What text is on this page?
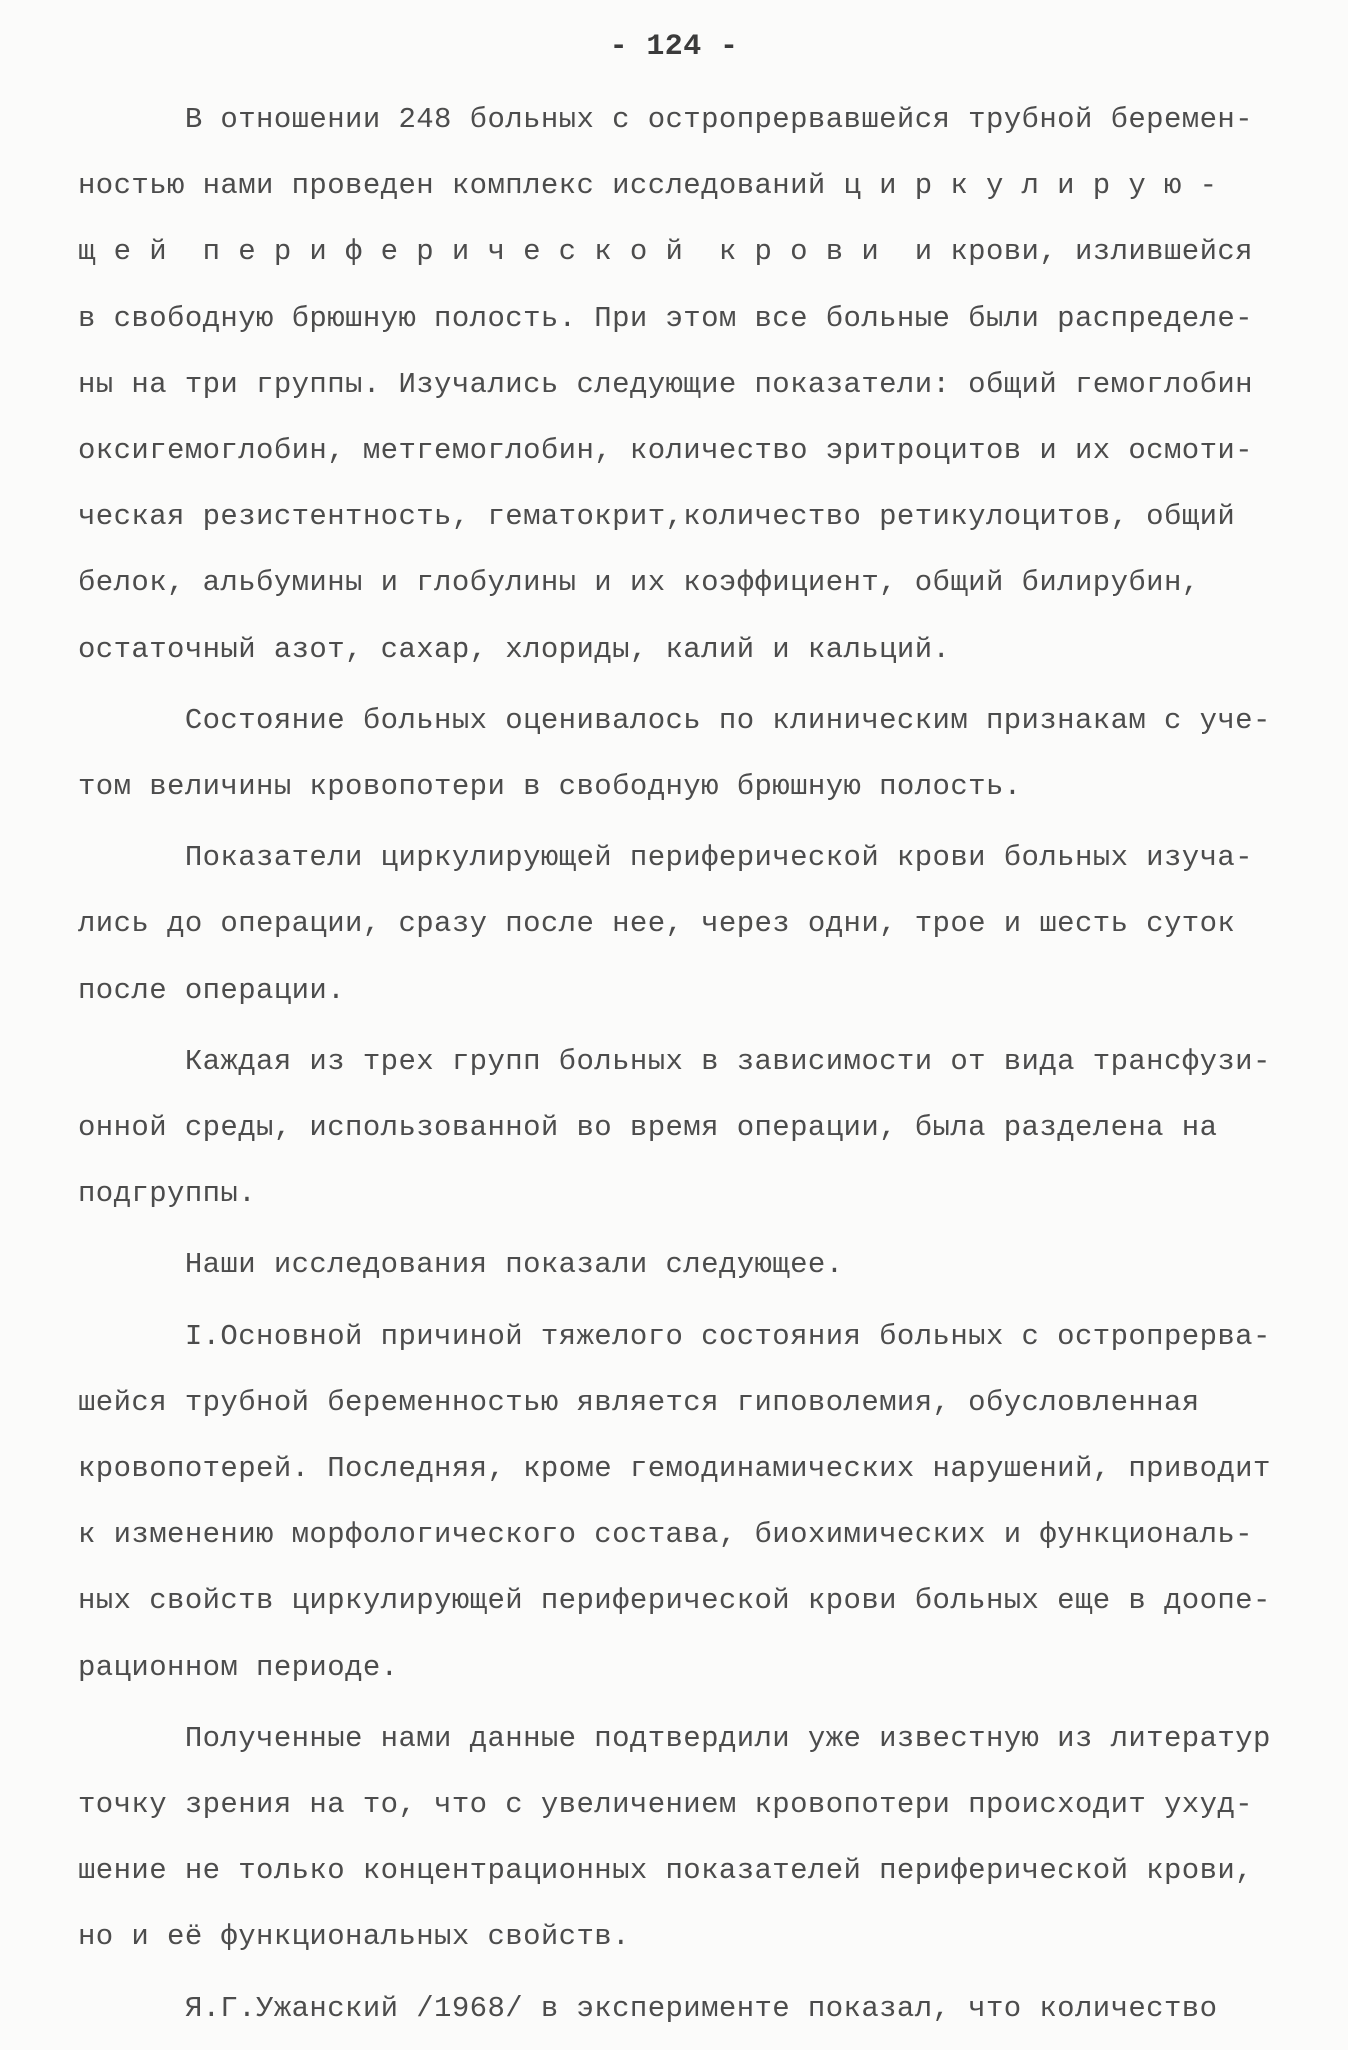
- 124 -
В отношении 248 больных с остропрервавшейся трубной беремен-
ностью нами проведен комплекс исследований ц и р к у л и р у ю -
щ е й  п е р и ф е р и ч е с к о й  к р о в и  и крови, излившейся
в свободную брюшную полость. При этом все больные были распределе-
ны на три группы. Изучались следующие показатели: общий гемоглобин
оксигемоглобин, метгемоглобин, количество эритроцитов и их осмоти-
ческая резистентность, гематокрит,количество ретикулоцитов, общий
белок, альбумины и глобулины и их коэффициент, общий билирубин,
остаточный азот, сахар, хлориды, калий и кальций.
Состояние больных оценивалось по клиническим признакам с уче-
том величины кровопотери в свободную брюшную полость.
Показатели циркулирующей периферической крови больных изуча-
лись до операции, сразу после нее, через одни, трое и шесть суток
после операции.
Каждая из трех групп больных в зависимости от вида трансфузи-
онной среды, использованной во время операции, была разделена на
подгруппы.
Наши исследования показали следующее.
I.Основной причиной тяжелого состояния больных с остропрерва-
шейся трубной беременностью является гиповолемия, обусловленная
кровопотерей. Последняя, кроме гемодинамических нарушений, приводит
к изменению морфологического состава, биохимических и функциональ-
ных свойств циркулирующей периферической крови больных еще в доопе-
рационном периоде.
Полученные нами данные подтвердили уже известную из литератур
точку зрения на то, что с увеличением кровопотери происходит ухуд-
шение не только концентрационных показателей периферической крови,
но и её функциональных свойств.
Я.Г.Ужанский /1968/ в эксперименте показал, что количество
